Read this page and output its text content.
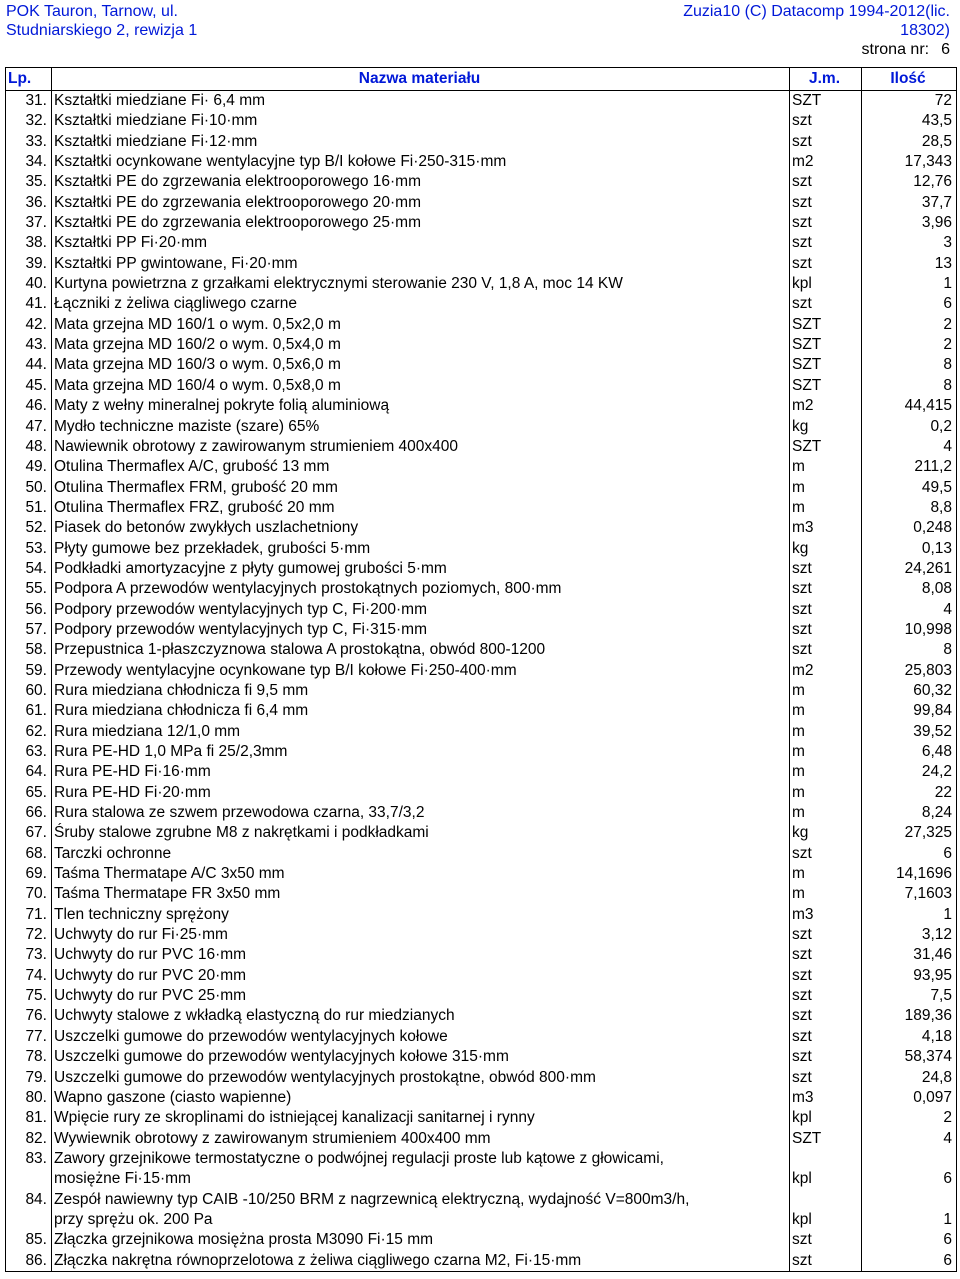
POK Tauron, Tarnow, ul.
Studniarskiego 2, rewizja 1
Zuzia10 (C) Datacomp 1994-2012(lic.
18302)
strona nr: 6
Lp.	Nazwa materiału	J.m.	Ilość
31.	Kształtki miedziane Fi· 6,4 mm	SZT	72
32.	Kształtki miedziane Fi·10·mm	szt	43,5
33.	Kształtki miedziane Fi·12·mm	szt	28,5
34.	Kształtki ocynkowane wentylacyjne typ B/I kołowe Fi·250-315·mm	m2	17,343
35.	Kształtki PE do zgrzewania elektrooporowego 16·mm	szt	12,76
36.	Kształtki PE do zgrzewania elektrooporowego 20·mm	szt	37,7
37.	Kształtki PE do zgrzewania elektrooporowego 25·mm	szt	3,96
38.	Kształtki PP Fi·20·mm	szt	3
39.	Kształtki PP gwintowane, Fi·20·mm	szt	13
40.	Kurtyna powietrzna z grzałkami elektrycznymi sterowanie 230 V, 1,8 A, moc 14 KW	kpl	1
41.	Łączniki z żeliwa ciągliwego czarne	szt	6
42.	Mata grzejna MD 160/1 o wym. 0,5x2,0 m	SZT	2
43.	Mata grzejna MD 160/2 o wym. 0,5x4,0 m	SZT	2
44.	Mata grzejna MD 160/3 o wym. 0,5x6,0 m	SZT	8
45.	Mata grzejna MD 160/4 o wym. 0,5x8,0 m	SZT	8
46.	Maty z wełny mineralnej pokryte folią aluminiową	m2	44,415
47.	Mydło techniczne maziste (szare) 65%	kg	0,2
48.	Nawiewnik obrotowy z zawirowanym strumieniem 400x400	SZT	4
49.	Otulina Thermaflex A/C, grubość 13 mm	m	211,2
50.	Otulina Thermaflex FRM, grubość 20 mm	m	49,5
51.	Otulina Thermaflex FRZ, grubość 20 mm	m	8,8
52.	Piasek do betonów zwykłych uszlachetniony	m3	0,248
53.	Płyty gumowe bez przekładek, grubości 5·mm	kg	0,13
54.	Podkładki amortyzacyjne z płyty gumowej grubości 5·mm	szt	24,261
55.	Podpora A przewodów wentylacyjnych prostokątnych poziomych, 800·mm	szt	8,08
56.	Podpory przewodów wentylacyjnych typ C, Fi·200·mm	szt	4
57.	Podpory przewodów wentylacyjnych typ C, Fi·315·mm	szt	10,998
58.	Przepustnica 1-płaszczyznowa stalowa A prostokątna, obwód 800-1200	szt	8
59.	Przewody wentylacyjne ocynkowane typ B/I kołowe Fi·250-400·mm	m2	25,803
60.	Rura miedziana chłodnicza fi 9,5 mm	m	60,32
61.	Rura miedziana chłodnicza fi 6,4 mm	m	99,84
62.	Rura miedziana 12/1,0 mm	m	39,52
63.	Rura PE-HD 1,0 MPa fi 25/2,3mm	m	6,48
64.	Rura PE-HD Fi·16·mm	m	24,2
65.	Rura PE-HD Fi·20·mm	m	22
66.	Rura stalowa ze szwem przewodowa czarna, 33,7/3,2	m	8,24
67.	Śruby stalowe zgrubne M8 z nakrętkami i podkładkami	kg	27,325
68.	Tarczki ochronne	szt	6
69.	Taśma Thermatape A/C 3x50 mm	m	14,1696
70.	Taśma Thermatape FR 3x50 mm	m	7,1603
71.	Tlen techniczny sprężony	m3	1
72.	Uchwyty do rur Fi·25·mm	szt	3,12
73.	Uchwyty do rur PVC 16·mm	szt	31,46
74.	Uchwyty do rur PVC 20·mm	szt	93,95
75.	Uchwyty do rur PVC 25·mm	szt	7,5
76.	Uchwyty stalowe z wkładką elastyczną do rur miedzianych	szt	189,36
77.	Uszczelki gumowe do przewodów wentylacyjnych kołowe	szt	4,18
78.	Uszczelki gumowe do przewodów wentylacyjnych kołowe 315·mm	szt	58,374
79.	Uszczelki gumowe do przewodów wentylacyjnych prostokątne, obwód 800·mm	szt	24,8
80.	Wapno gaszone (ciasto wapienne)	m3	0,097
81.	Wpięcie rury ze skroplinami do istniejącej kanalizacji sanitarnej i rynny	kpl	2
82.	Wywiewnik obrotowy z zawirowanym strumieniem 400x400 mm	SZT	4
83.	Zawory grzejnikowe termostatyczne o podwójnej regulacji proste lub kątowe z głowicami,		
	mosiężne Fi·15·mm	kpl	6
84.	Zespół nawiewny typ CAIB -10/250 BRM z nagrzewnicą elektryczną, wydajność V=800m3/h,		
	przy sprężu ok. 200 Pa	kpl	1
85.	Złączka grzejnikowa mosiężna prosta M3090 Fi·15 mm	szt	6
86.	Złączka nakrętna równoprzelotowa z żeliwa ciągliwego czarna M2, Fi·15·mm	szt	6
